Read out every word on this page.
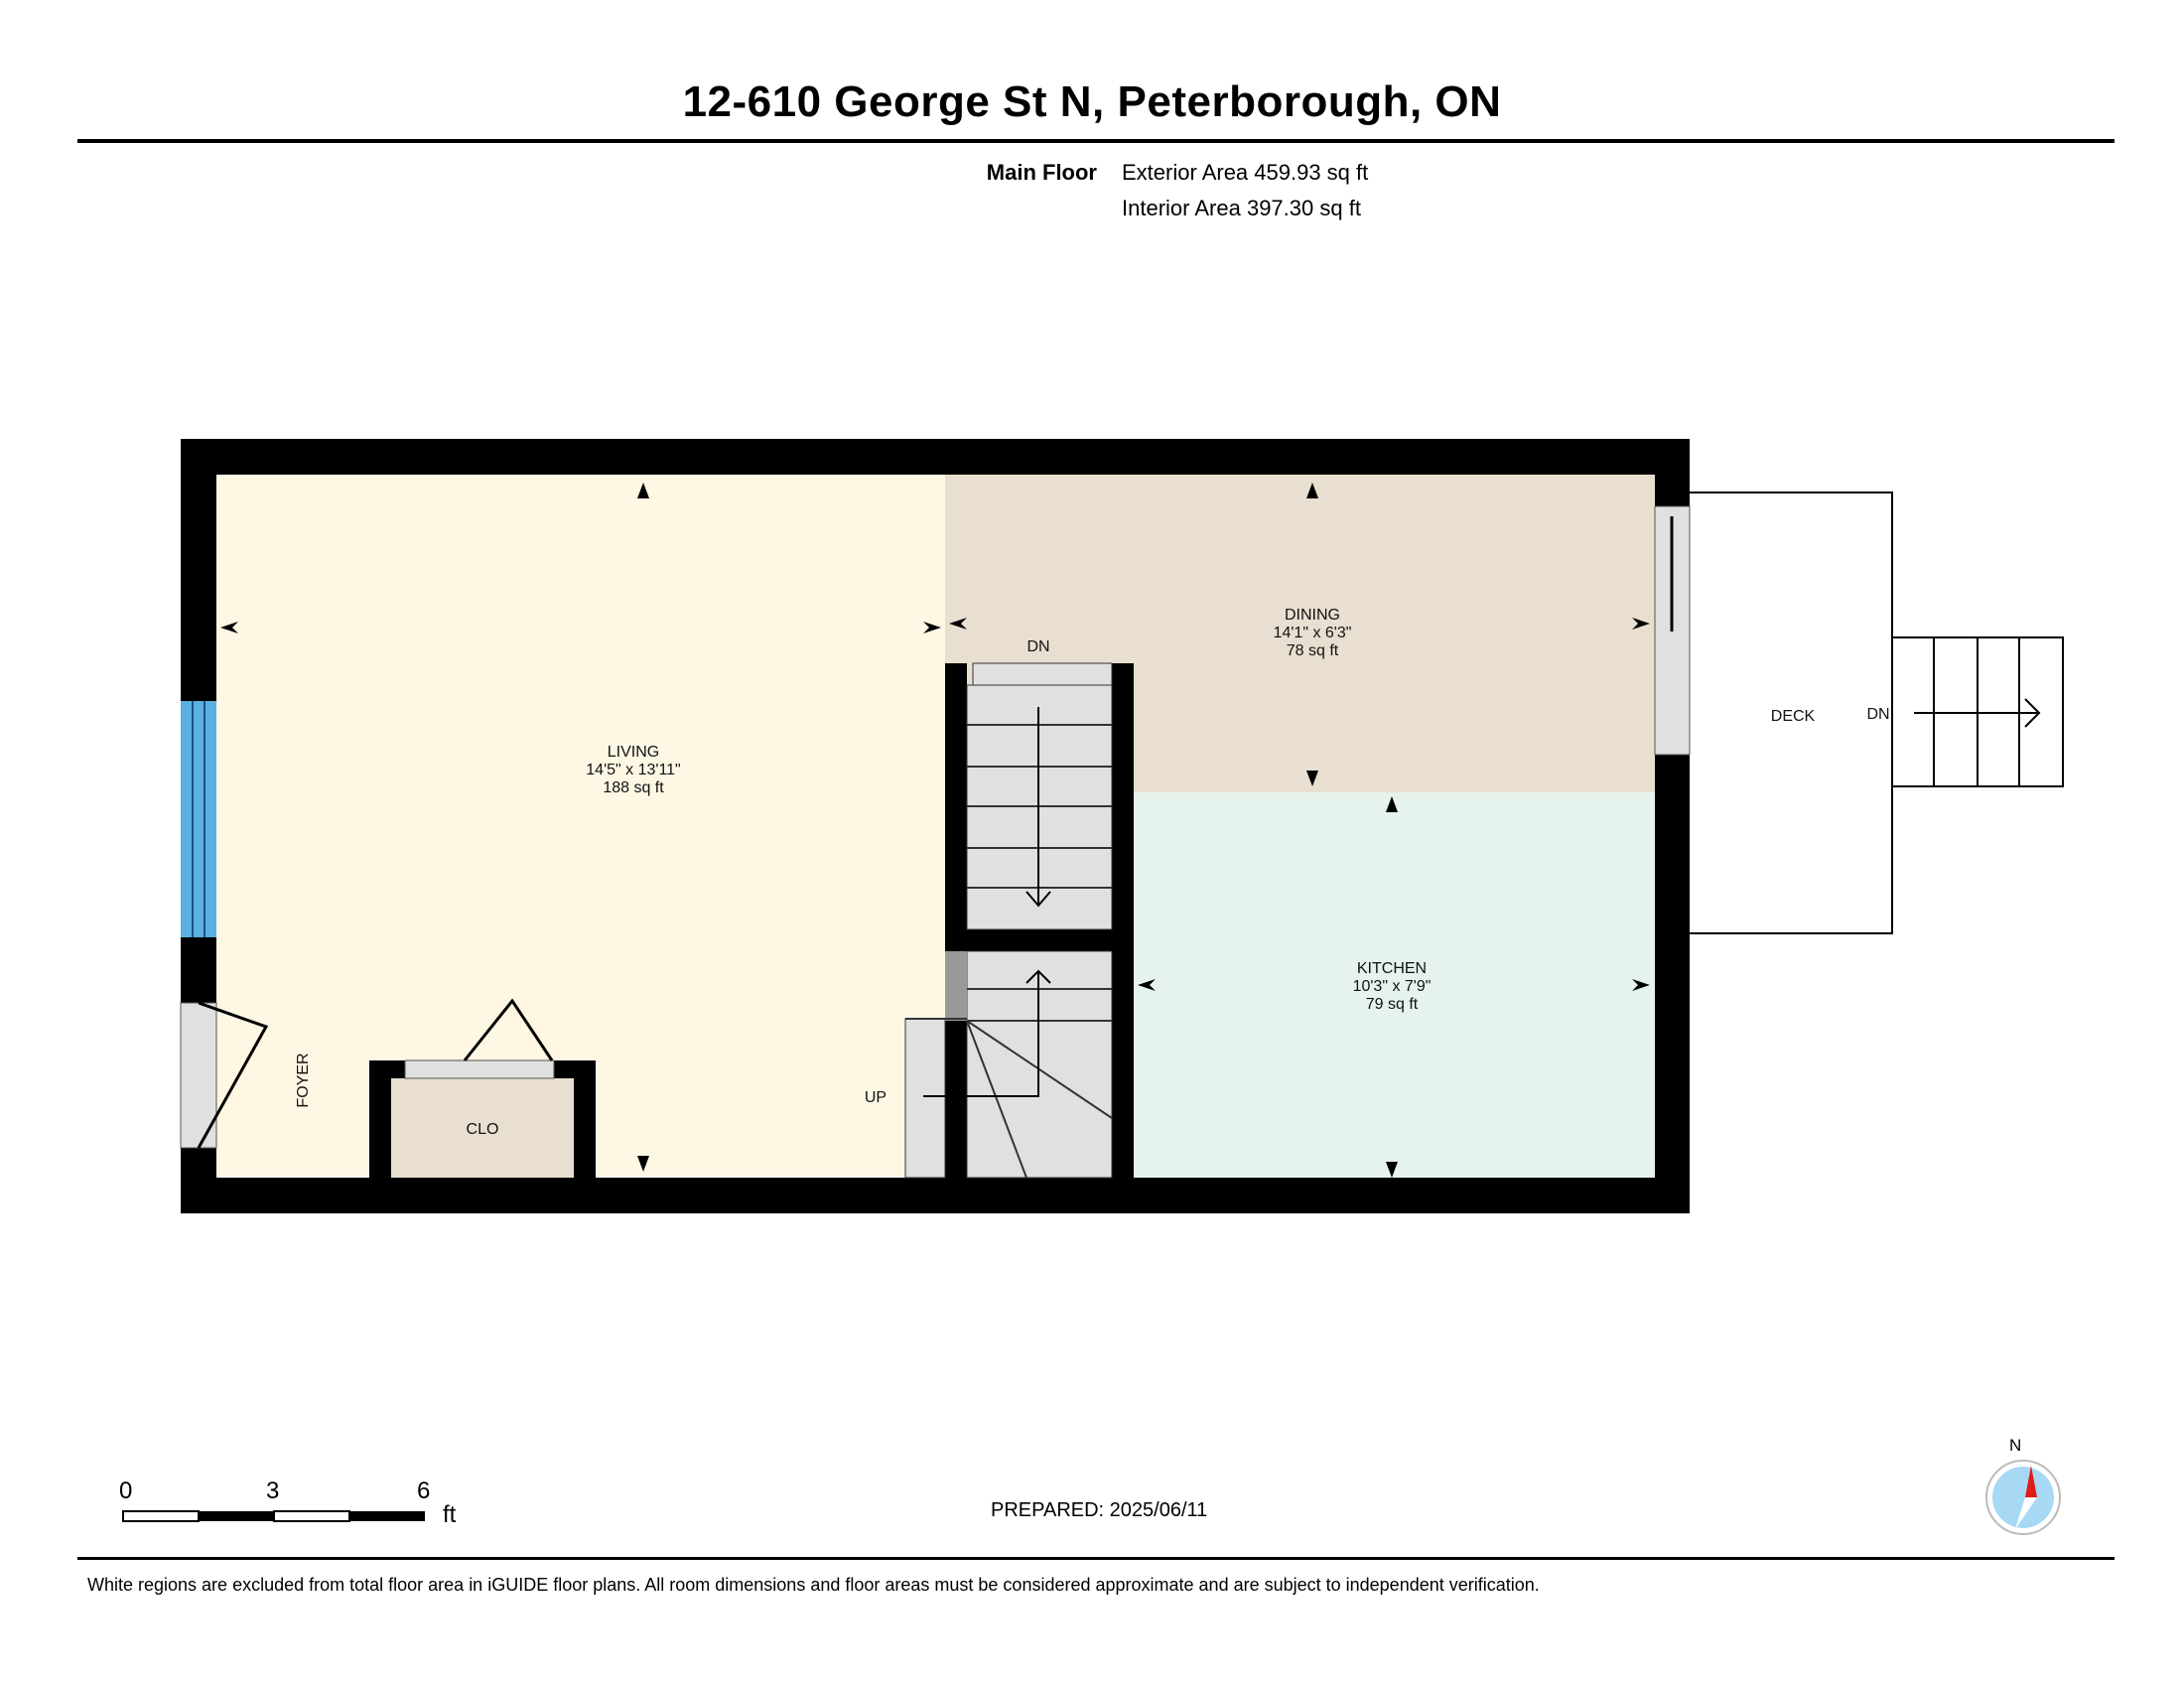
12-610 George St N, Peterborough, ON
Main Floor Exterior Area 459.93 sq ft
Interior Area 397.30 sq ft
LIVING
14'5" x 13'11"
188 sq ft
DINING
14'1" x 6'3"
78 sq ft
KITCHEN
10'3" x 7'9"
79 sq ft
FOYER
CLO
DECK
DN
UP
DN
0	3	6
ft	PREPARED: 2025/06/11
N
White regions are excluded from total floor area in iGUIDE floor plans. All room dimensions and floor areas must be considered approximate and are subject to independent verification.
